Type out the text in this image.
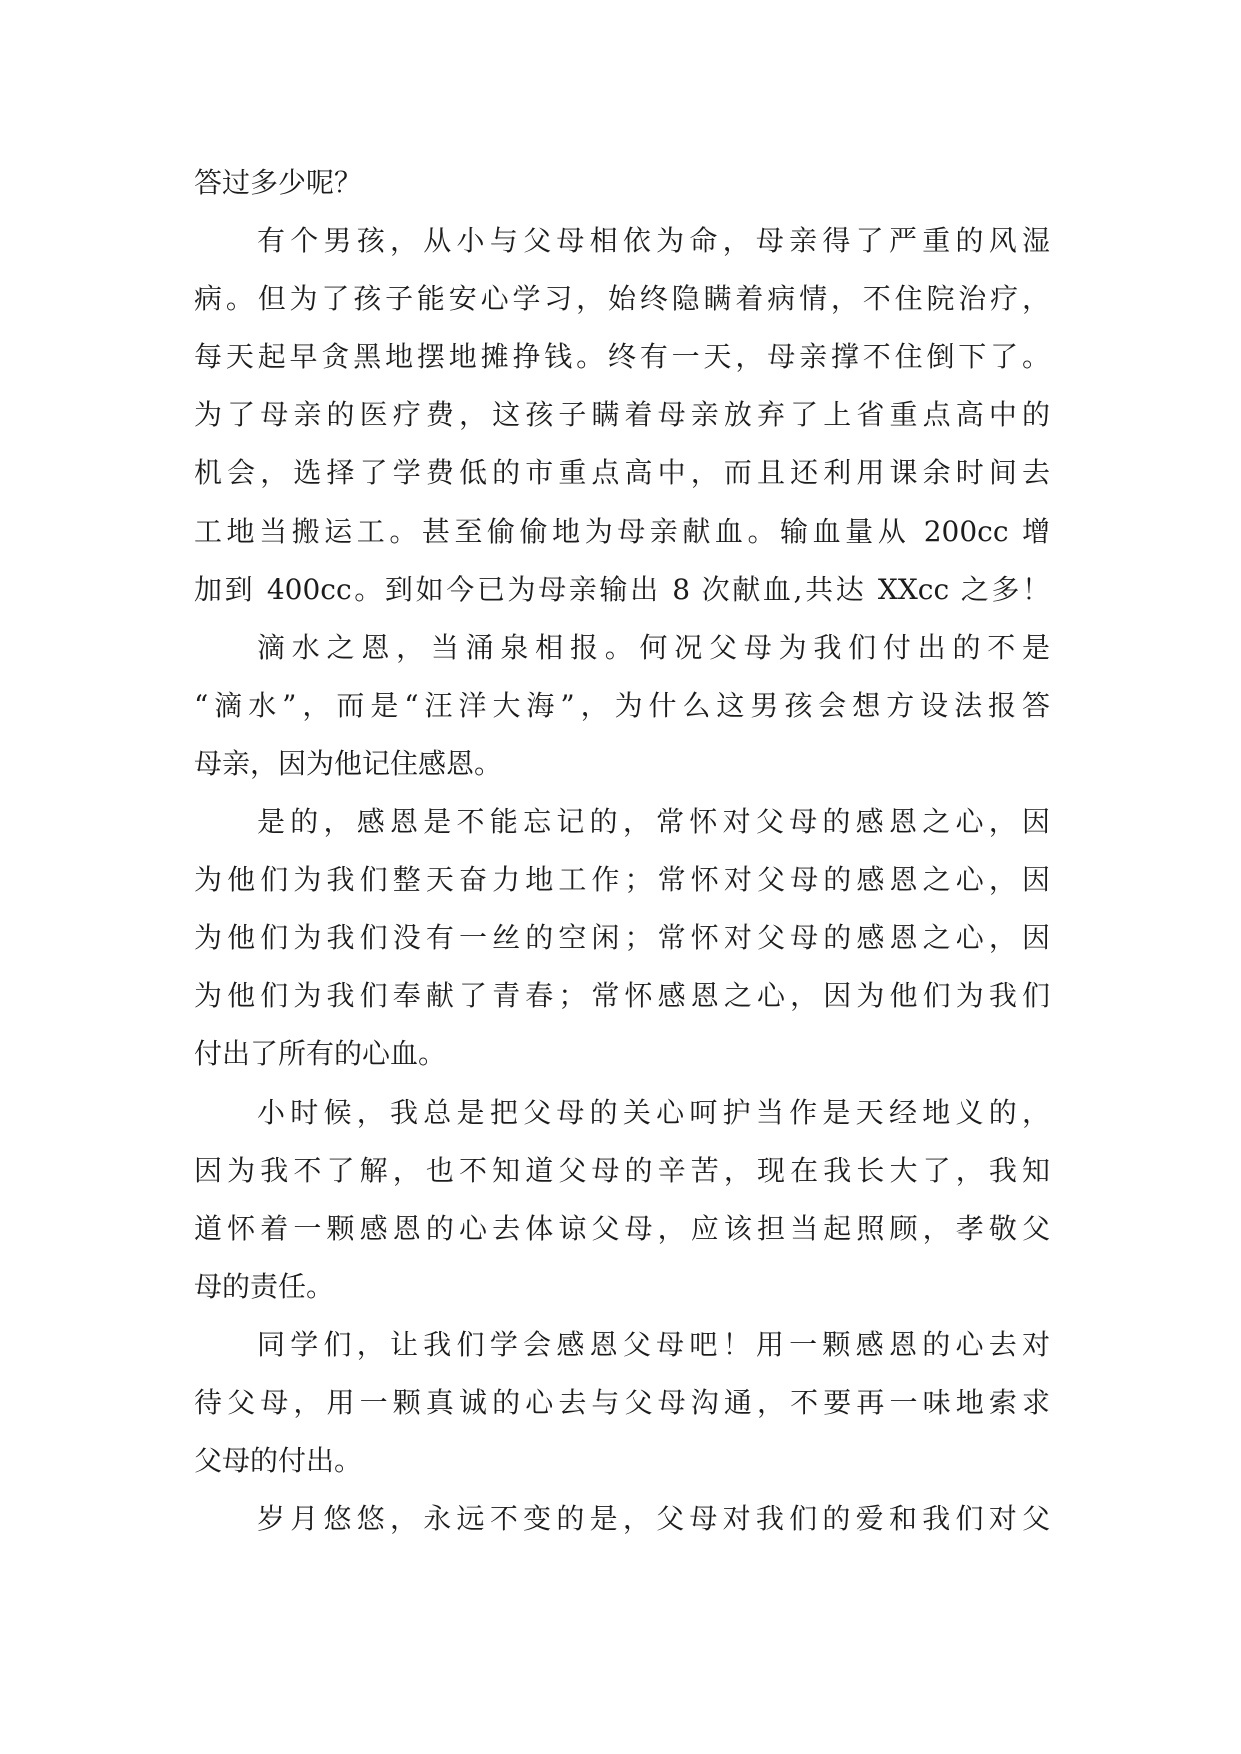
答过多少呢？
有个男孩，从小与父母相依为命，母亲得了严重的风湿
病。但为了孩子能安心学习，始终隐瞒着病情，不住院治疗，
每天起早贪黑地摆地摊挣钱。终有一天，母亲撑不住倒下了。
为了母亲的医疗费，这孩子瞒着母亲放弃了上省重点高中的
机会，选择了学费低的市重点高中，而且还利用课余时间去
工地当搬运工。甚至偷偷地为母亲献血。输血量从 200cc 增
加到 400cc。到如今已为母亲输出 8 次献血,共达 XXcc 之多！
滴水之恩，当涌泉相报。何况父母为我们付出的不是
“滴水”，而是“汪洋大海”，为什么这男孩会想方设法报答
母亲，因为他记住感恩。
是的，感恩是不能忘记的，常怀对父母的感恩之心，因
为他们为我们整天奋力地工作；常怀对父母的感恩之心，因
为他们为我们没有一丝的空闲；常怀对父母的感恩之心，因
为他们为我们奉献了青春；常怀感恩之心，因为他们为我们
付出了所有的心血。
小时候，我总是把父母的关心呵护当作是天经地义的，
因为我不了解，也不知道父母的辛苦，现在我长大了，我知
道怀着一颗感恩的心去体谅父母，应该担当起照顾，孝敬父
母的责任。
同学们，让我们学会感恩父母吧！用一颗感恩的心去对
待父母，用一颗真诚的心去与父母沟通，不要再一味地索求
父母的付出。
岁月悠悠，永远不变的是，父母对我们的爱和我们对父
